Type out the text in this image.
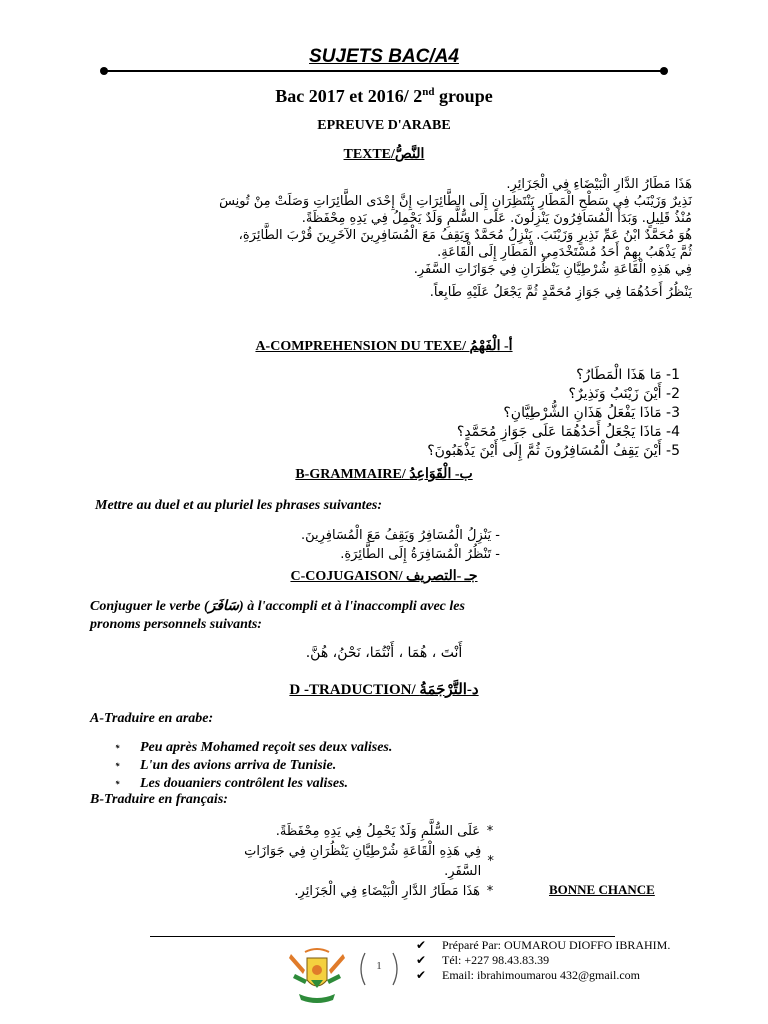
SUJETS BAC/A4
Bac 2017 et 2016/ 2nd groupe
EPREUVE D'ARABE
TEXTE/النَّصُّ
هَذَا مَطَارُ الدَّارِ الْبَيْضَاءِ فِي الْجَزَائِرِ.
نَذِيرٌ وَزَيْنَبُ فِي سَطْحِ الْمَطَارِ يَنْتَظِرَانِ إِلَى الطَّائِرَاتِ إِنَّ إِحْدَى الطَّائِرَاتِ وَصَلَتْ مِنْ تُونِسَ
مُنْذُ قَلِيلٍ. وَبَدَأَ الْمُسَافِرُونَ يَنْزِلُونَ. عَلَى السُّلَّمِ وَلَدٌ يَحْمِلُ فِي يَدِهِ مِحْفَظَةً.
هُوَ مُحَمَّدٌ ابْنُ عَمِّ نَذِيرٍ وَزَيْنَبَ. يَنْزِلُ مُحَمَّدٌ وَيَقِفُ مَعَ الْمُسَافِرِينَ الآخَرِينَ قُرْبَ الطَّائِرَةِ،
ثُمَّ يَذْهَبُ بِهِمْ أَحَدُ مُسْتَخْدَمِي الْمَطَارِ إِلَى الْقَاعَةِ.
فِي هَذِهِ الْقَاعَةِ شُرْطِيَّانِ يَنْظُرَانِ فِي جَوَازَاتِ السَّفَرِ.
يَنْظُرُ أَحَدُهُمَا فِي جَوَازِ مُحَمَّدٍ ثُمَّ يَجْعَلُ عَلَيْهِ طَابِعاً.
A-COMPREHENSION DU TEXE/ أ- الْفَهْمُ
1- مَا هَذَا الْمَطَارُ؟
2- أَيْنَ زَيْنَبُ وَنَذِيرٌ؟
3- مَاذَا يَفْعَلُ هَذَانِ الشُّرْطِيَّانِ؟
4- مَاذَا يَجْعَلُ أَحَدُهُمَا عَلَى جَوَازِ مُحَمَّدٍ؟
5- أَيْنَ يَقِفُ الْمُسَافِرُونَ ثُمَّ إِلَى أَيْنَ يَذْهَبُونَ؟
B-GRAMMAIRE/ ب- الْقَوَاعِدُ
Mettre au duel et au pluriel les phrases suivantes:
- يَنْزِلُ الْمُسَافِرُ وَيَقِفُ مَعَ الْمُسَافِرِينَ.
- تَنْظُرُ الْمُسَافِرَةُ إِلَى الطَّائِرَةِ.
C-COJUGAISON/ جـ -التصريف
Conjuguer le verbe (سَافَرَ) à l'accompli et à l'inaccompli avec les
pronoms personnels suivants:
أَنْتَ ، هُمَا ، أَنْتُمَا، نَحْنُ، هُنَّ.
D -TRADUCTION/ د-التَّرْجَمَةُ
A-Traduire en arabe:
* Peu après Mohamed reçoit ses deux valises.
* L'un des avions arriva de Tunisie.
* Les douaniers contrôlent les valises.
B-Traduire en français:
*
عَلَى السُّلَّمِ وَلَدٌ يَحْمِلُ فِي يَدِهِ مِحْفَظَةً.
*
فِي هَذِهِ الْقَاعَةِ شُرْطِيَّانِ يَنْظُرَانِ فِي جَوَازَاتِ السَّفَرِ.
*
هَذَا مَطَارُ الدَّارِ الْبَيْضَاءِ فِي الْجَزَائِرِ.	BONNE CHANCE
1
✔ Préparé Par: OUMAROU DIOFFO IBRAHIM.
✔ Tél: +227 98.43.83.39
✔ Email: ibrahimoumarou 432@gmail.com
